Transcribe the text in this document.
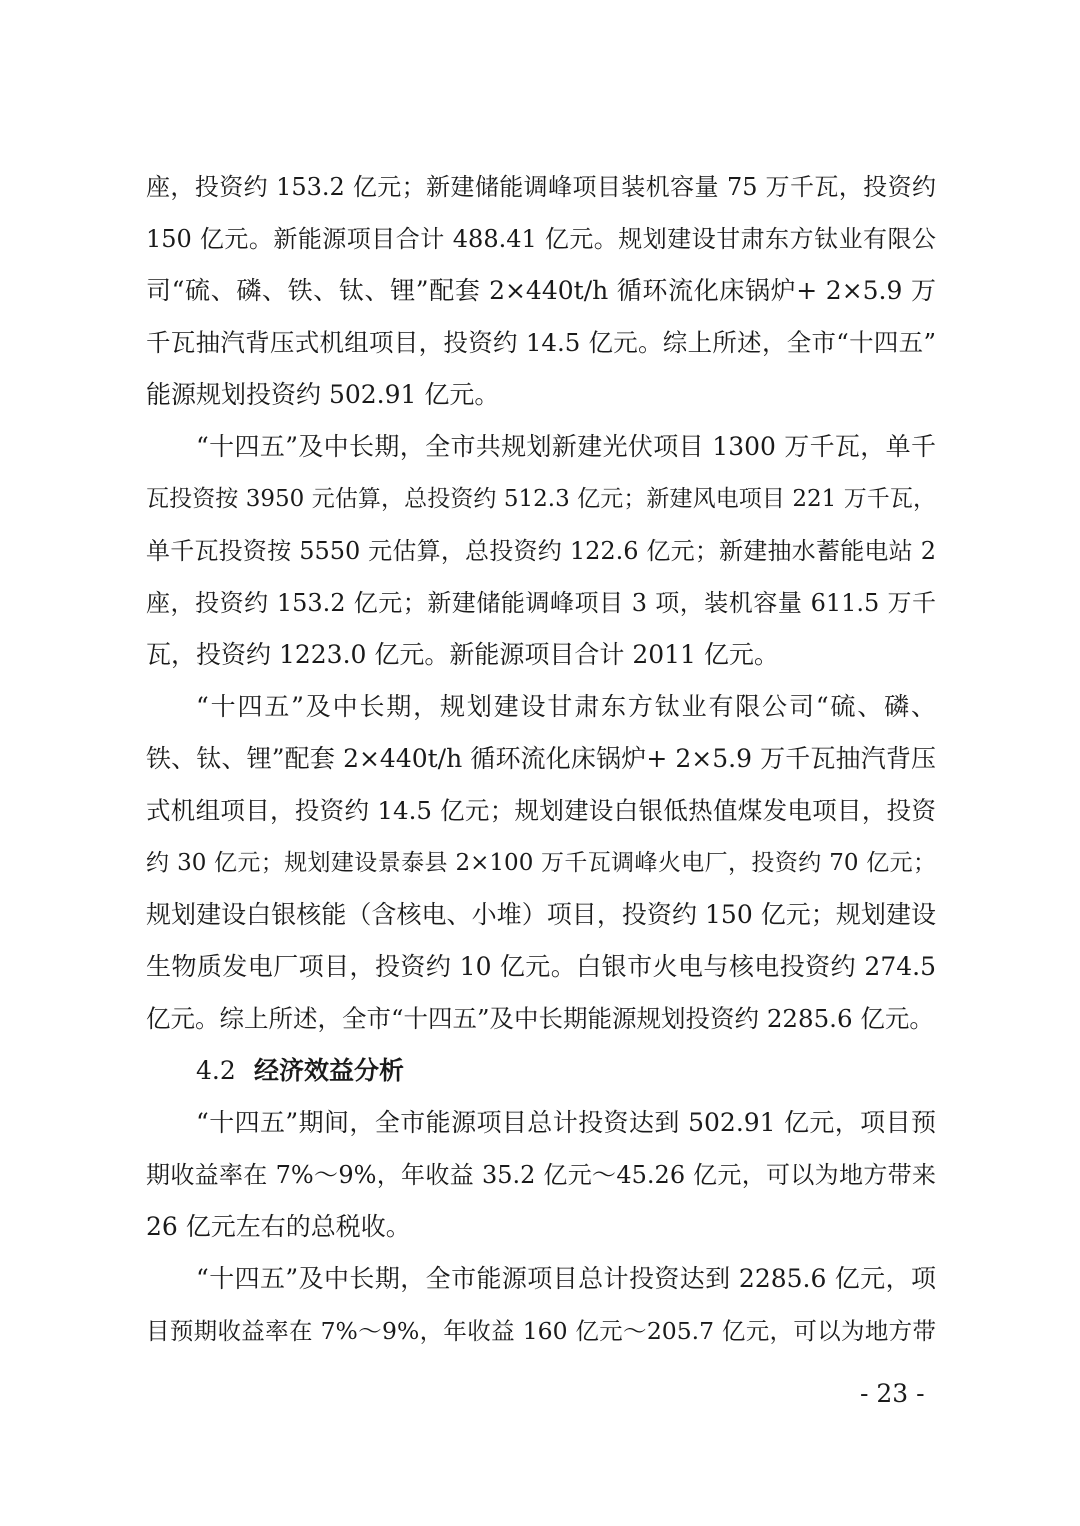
座，投资约 153.2 亿元；新建储能调峰项目装机容量 75 万千瓦，投资约
150 亿元。新能源项目合计 488.41 亿元。规划建设甘肃东方钛业有限公
司“硫、磷、铁、钛、锂”配套 2×440t/h 循环流化床锅炉+ 2×5.9 万
千瓦抽汽背压式机组项目，投资约 14.5 亿元。综上所述，全市“十四五”
能源规划投资约 502.91 亿元。
“十四五”及中长期，全市共规划新建光伏项目 1300 万千瓦，单千
瓦投资按 3950 元估算，总投资约 512.3 亿元；新建风电项目 221 万千瓦，
单千瓦投资按 5550 元估算，总投资约 122.6 亿元；新建抽水蓄能电站 2
座，投资约 153.2 亿元；新建储能调峰项目 3 项，装机容量 611.5 万千
瓦，投资约 1223.0 亿元。新能源项目合计 2011 亿元。
“十四五”及中长期，规划建设甘肃东方钛业有限公司“硫、磷、
铁、钛、锂”配套 2×440t/h 循环流化床锅炉+ 2×5.9 万千瓦抽汽背压
式机组项目，投资约 14.5 亿元；规划建设白银低热值煤发电项目，投资
约 30 亿元；规划建设景泰县 2×100 万千瓦调峰火电厂，投资约 70 亿元；
规划建设白银核能（含核电、小堆）项目，投资约 150 亿元；规划建设
生物质发电厂项目，投资约 10 亿元。白银市火电与核电投资约 274.5
亿元。综上所述，全市“十四五”及中长期能源规划投资约 2285.6 亿元。
4.2 经济效益分析
“十四五”期间，全市能源项目总计投资达到 502.91 亿元，项目预
期收益率在 7%～9%，年收益 35.2 亿元～45.26 亿元，可以为地方带来
26 亿元左右的总税收。
“十四五”及中长期，全市能源项目总计投资达到 2285.6 亿元，项
目预期收益率在 7%～9%，年收益 160 亿元～205.7 亿元，可以为地方带
- 23 -
